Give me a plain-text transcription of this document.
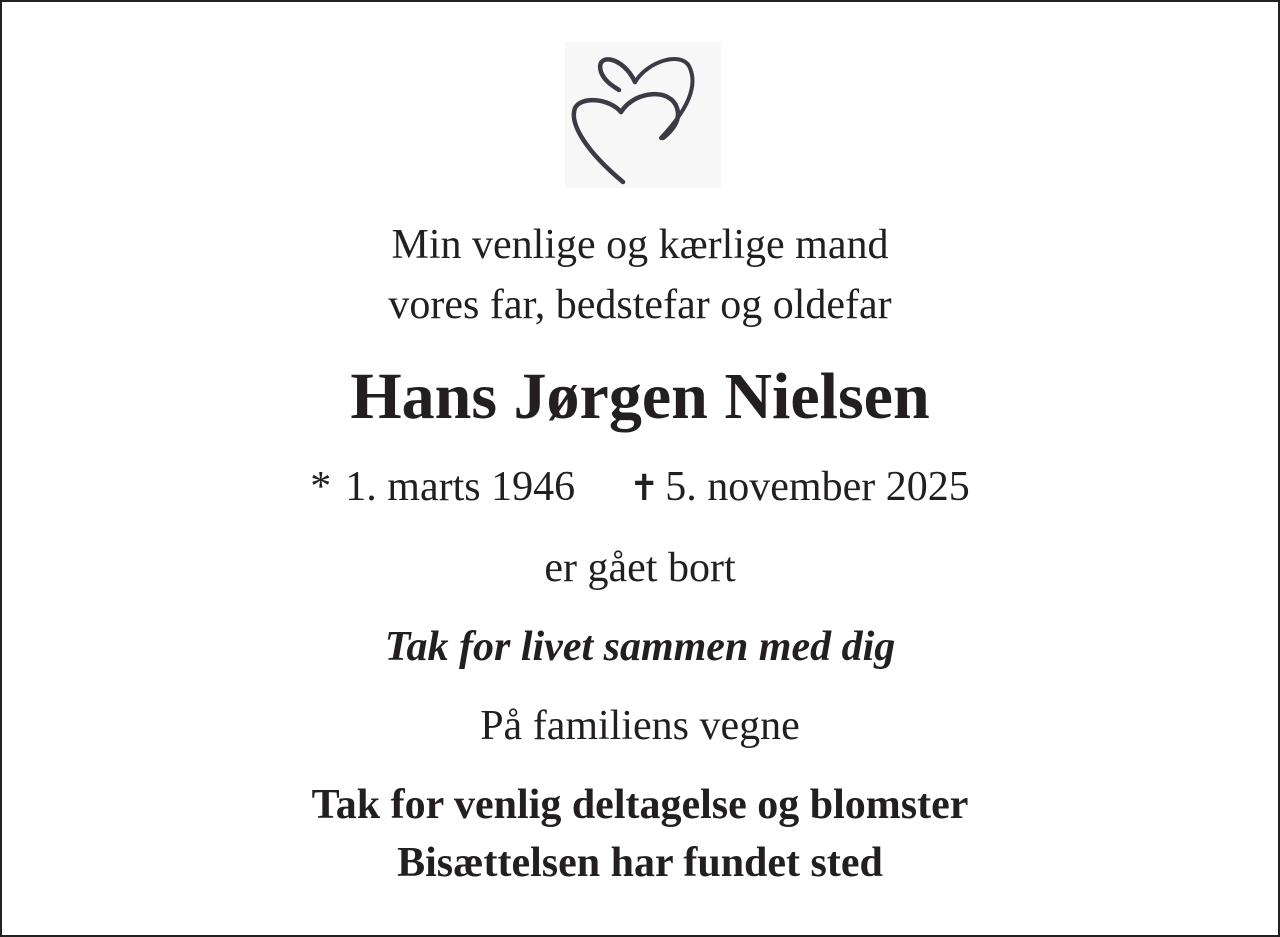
Min venlige og kærlige mand
vores far, bedstefar og oldefar
Hans Jørgen Nielsen
* 1. marts 1946 ✝ 5. november 2025
er gået bort
Tak for livet sammen med dig
På familiens vegne
Tak for venlig deltagelse og blomster
Bisættelsen har fundet sted
